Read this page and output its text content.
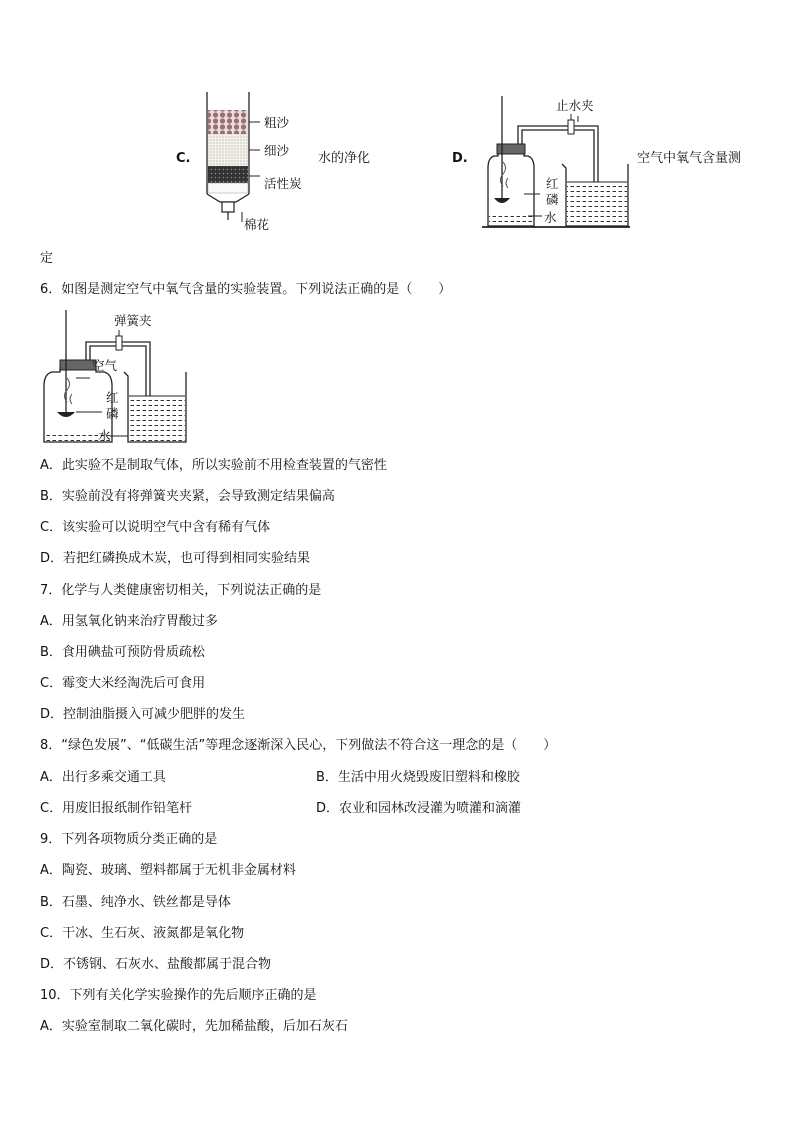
C.
粗沙
细沙
活性炭
棉花
水的净化	D.
止水夹
红
磷
水
空气中氧气含量测
定
6．如图是测定空气中氧气含量的实验装置。下列说法正确的是（　　）
弹簧夹
空气
红
磷
水
A．此实验不是制取气体，所以实验前不用检查装置的气密性
B．实验前没有将弹簧夹夹紧，会导致测定结果偏高
C．该实验可以说明空气中含有稀有气体
D．若把红磷换成木炭，也可得到相同实验结果
7．化学与人类健康密切相关，下列说法正确的是
A．用氢氧化钠来治疗胃酸过多
B．食用碘盐可预防骨质疏松
C．霉变大米经淘洗后可食用
D．控制油脂摄入可减少肥胖的发生
8．“绿色发展”、“低碳生活”等理念逐渐深入民心，下列做法不符合这一理念的是（　　）
A．出行多乘交通工具	B．生活中用火烧毁废旧塑料和橡胶
C．用废旧报纸制作铅笔杆	D．农业和园林改浸灌为喷灌和滴灌
9．下列各项物质分类正确的是
A．陶瓷、玻璃、塑料都属于无机非金属材料
B．石墨、纯净水、铁丝都是导体
C．干冰、生石灰、液氮都是氧化物
D．不锈钢、石灰水、盐酸都属于混合物
10．下列有关化学实验操作的先后顺序正确的是
A．实验室制取二氧化碳时，先加稀盐酸，后加石灰石
